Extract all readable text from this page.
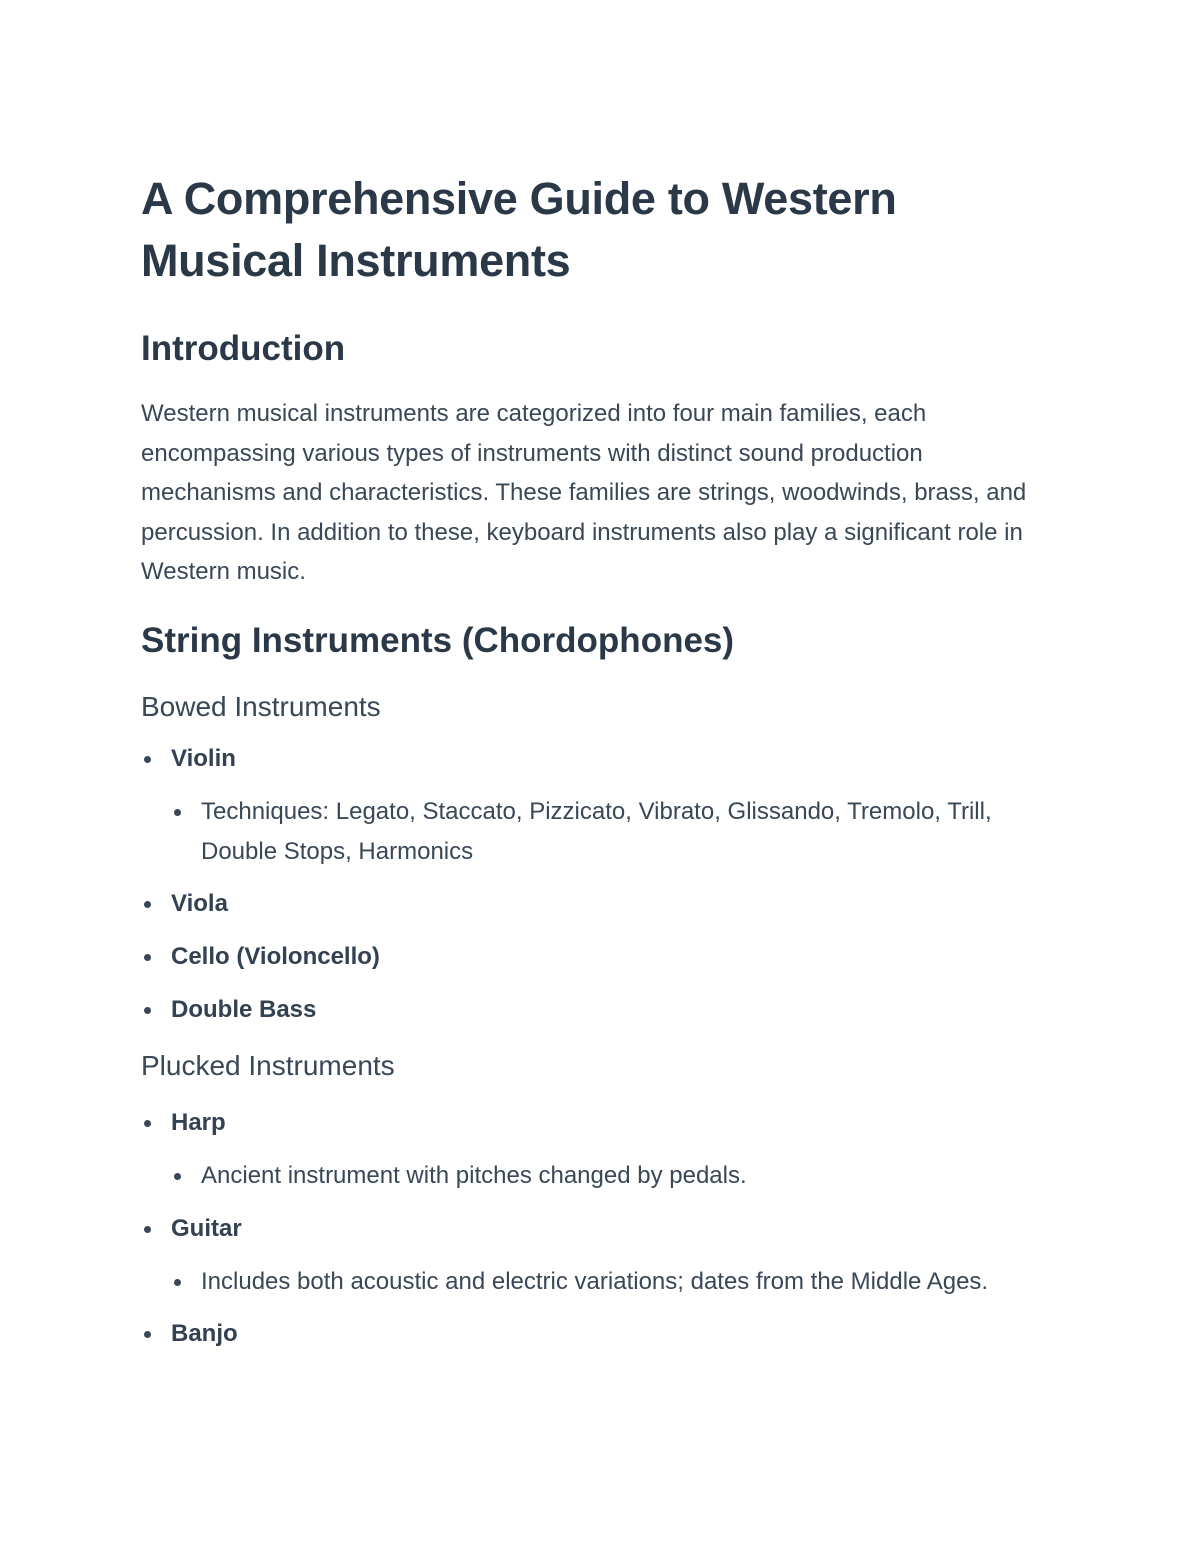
A Comprehensive Guide to Western Musical Instruments
Introduction

Western musical instruments are categorized into four main families, each encompassing various types of instruments with distinct sound production mechanisms and characteristics. These families are strings, woodwinds, brass, and percussion. In addition to these, keyboard instruments also play a significant role in Western music.

String Instruments (Chordophones)
Bowed Instruments
Violin
Techniques: Legato, Staccato, Pizzicato, Vibrato, Glissando, Tremolo, Trill, Double Stops, Harmonics
Viola
Cello (Violoncello)
Double Bass
Plucked Instruments
Harp
Ancient instrument with pitches changed by pedals.
Guitar
Includes both acoustic and electric variations; dates from the Middle Ages.
Banjo
